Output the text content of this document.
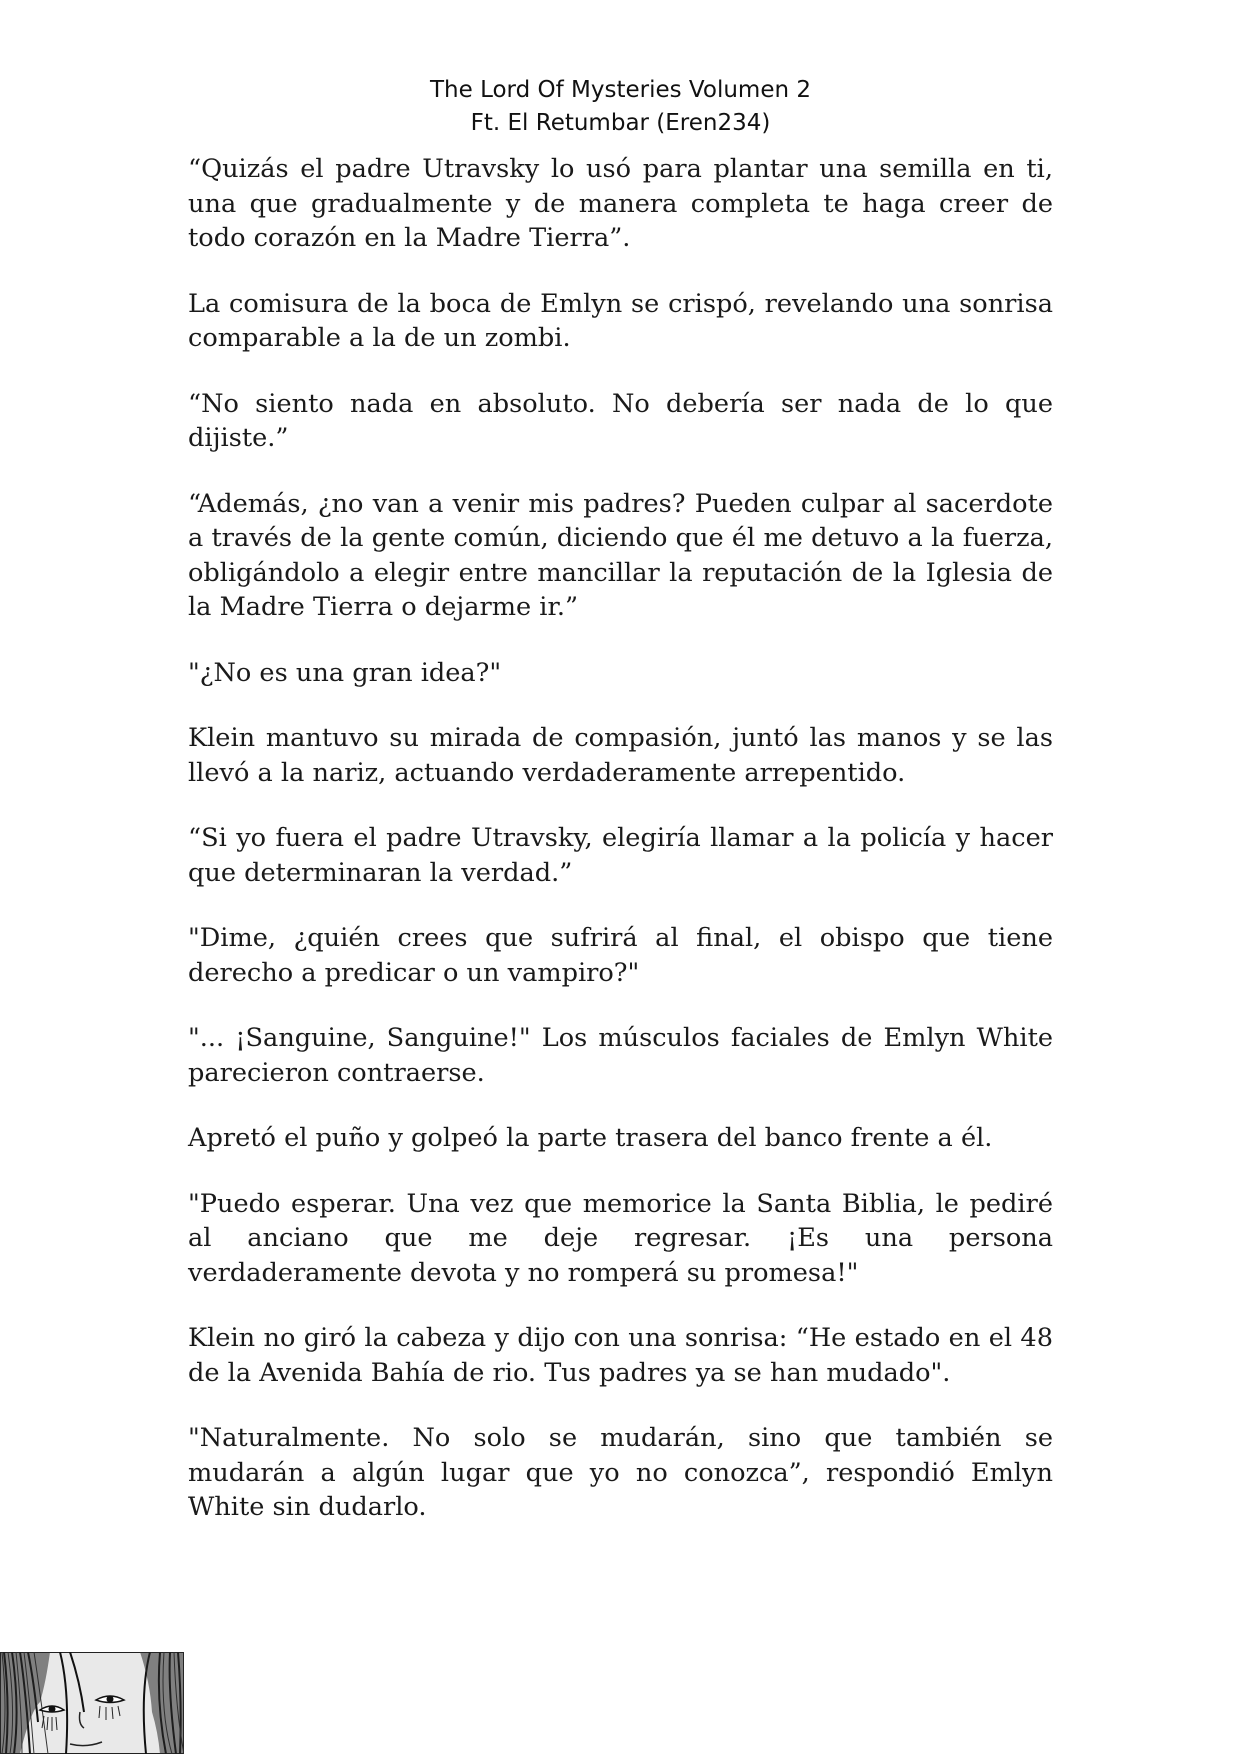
The Lord Of Mysteries Volumen 2
Ft. El Retumbar (Eren234)

“Quizás el padre Utravsky lo usó para plantar una semilla en ti, una que gradualmente y de manera completa te haga creer de todo corazón en la Madre Tierra”.

La comisura de la boca de Emlyn se crispó, revelando una sonrisa comparable a la de un zombi.

“No siento nada en absoluto. No debería ser nada de lo que dijiste.”

“Además, ¿no van a venir mis padres? Pueden culpar al sacerdote a través de la gente común, diciendo que él me detuvo a la fuerza, obligándolo a elegir entre mancillar la reputación de la Iglesia de la Madre Tierra o dejarme ir.”

"¿No es una gran idea?"

Klein mantuvo su mirada de compasión, juntó las manos y se las llevó a la nariz, actuando verdaderamente arrepentido.

“Si yo fuera el padre Utravsky, elegiría llamar a la policía y hacer que determinaran la verdad.”

"Dime, ¿quién crees que sufrirá al final, el obispo que tiene derecho a predicar o un vampiro?"

"... ¡Sanguine, Sanguine!" Los músculos faciales de Emlyn White parecieron contraerse.

Apretó el puño y golpeó la parte trasera del banco frente a él.

"Puedo esperar. Una vez que memorice la Santa Biblia, le pediré al anciano que me deje regresar. ¡Es una persona verdaderamente devota y no romperá su promesa!"

Klein no giró la cabeza y dijo con una sonrisa: “He estado en el 48 de la Avenida Bahía de rio. Tus padres ya se han mudado".

"Naturalmente. No solo se mudarán, sino que también se mudarán a algún lugar que yo no conozca”, respondió Emlyn White sin dudarlo.
